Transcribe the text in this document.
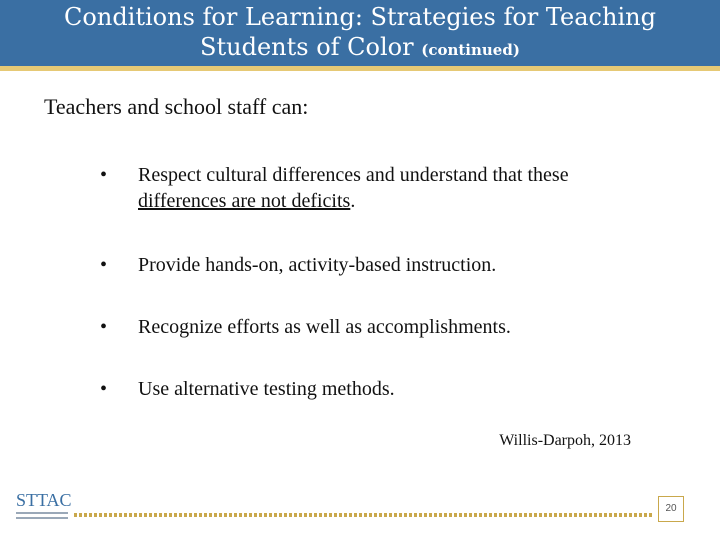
Conditions for Learning: Strategies for Teaching
Students of Color (continued)
Teachers and school staff can:
• Respect cultural differences and understand that these differences are not deficits.
• Provide hands-on, activity-based instruction.
• Recognize efforts as well as accomplishments.
• Use alternative testing methods.
Willis-Darpoh, 2013
STTAC	20
